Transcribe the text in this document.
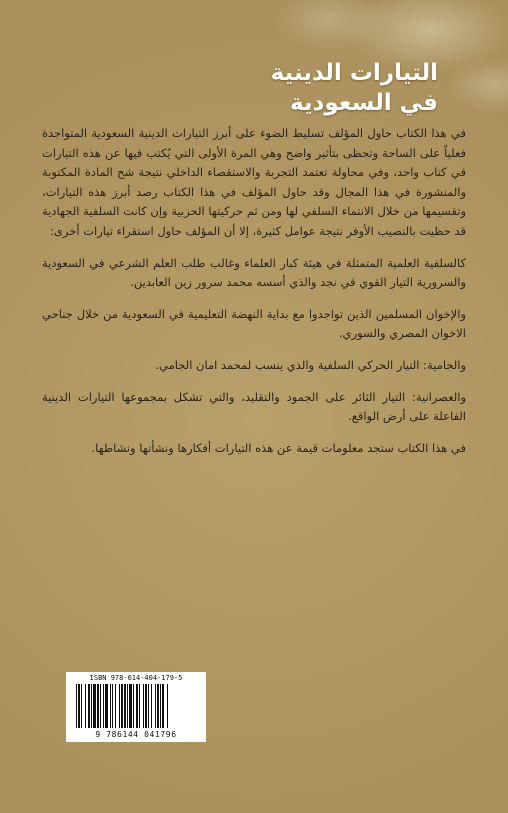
التيارات الدينية
في السعودية

في هذا الكتاب حاول المؤلف تسليط الضوء على أبرز التيارات الدينية السعودية المتواجدة فعلياً على الساحة وتحظى بتأثير واضح وهي المرة الأولى التي يُكتب فيها عن هذه التيارات في كتاب واحد، وفي محاولة تعتمد التجربة والاستقصاء الداخلي نتيجة شح المادة المكتوبة والمنشورة في هذا المجال وقد حاول المؤلف في هذا الكتاب رصد أبرز هذه التيارات، وتقسيمها من خلال الانتماء السلفي لها ومن ثم حركيتها الحزبية وإن كانت السلفية الجهادية قد حظيت بالنصيب الأوفر نتيجة عوامل كثيرة، إلا أن المؤلف حاول استقراء تيارات أخرى:

كالسلفية العلمية المتمثلة في هيئة كبار العلماء وغالب طلب العلم الشرعي في السعودية والسرورية التيار القوي في نجد والذي أسسه محمد سرور زين العابدين.

والإخوان المسلمين الذين تواجدوا مع بداية النهضة التعليمية في السعودية من خلال جناحي الاخوان المصري والسوري.

والجامية: التيار الحركي السلفية والذي ينسب لمحمد امان الجامي.

والعصرانية: التيار الثائر على الجمود والتقليد، والتي تشكل بمجموعها التيارات الدينية الفاعلة على أرض الواقع.

في هذا الكتاب ستجد معلومات قيمة عن هذه التيارات أفكارها ونشأتها ونشاطها.

ISBN 978-614-404-179-5
9 786144 041796
